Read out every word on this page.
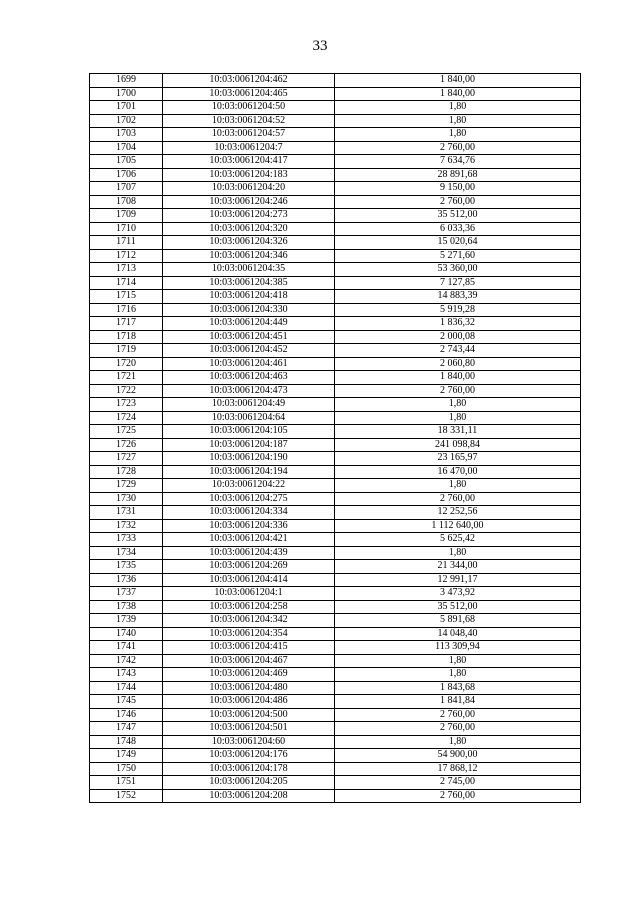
33
1699	10:03:0061204:462	1 840,00
1700	10:03:0061204:465	1 840,00
1701	10:03:0061204:50	1,80
1702	10:03:0061204:52	1,80
1703	10:03:0061204:57	1,80
1704	10:03:0061204:7	2 760,00
1705	10:03:0061204:417	7 634,76
1706	10:03:0061204:183	28 891,68
1707	10:03:0061204:20	9 150,00
1708	10:03:0061204:246	2 760,00
1709	10:03:0061204:273	35 512,00
1710	10:03:0061204:320	6 033,36
1711	10:03:0061204:326	15 020,64
1712	10:03:0061204:346	5 271,60
1713	10:03:0061204:35	53 360,00
1714	10:03:0061204:385	7 127,85
1715	10:03:0061204:418	14 883,39
1716	10:03:0061204:330	5 919,28
1717	10:03:0061204:449	1 836,32
1718	10:03:0061204:451	2 000,08
1719	10:03:0061204:452	2 743,44
1720	10:03:0061204:461	2 060,80
1721	10:03:0061204:463	1 840,00
1722	10:03:0061204:473	2 760,00
1723	10:03:0061204:49	1,80
1724	10:03:0061204:64	1,80
1725	10:03:0061204:105	18 331,11
1726	10:03:0061204:187	241 098,84
1727	10:03:0061204:190	23 165,97
1728	10:03:0061204:194	16 470,00
1729	10:03:0061204:22	1,80
1730	10:03:0061204:275	2 760,00
1731	10:03:0061204:334	12 252,56
1732	10:03:0061204:336	1 112 640,00
1733	10:03:0061204:421	5 625,42
1734	10:03:0061204:439	1,80
1735	10:03:0061204:269	21 344,00
1736	10:03:0061204:414	12 991,17
1737	10:03:0061204:1	3 473,92
1738	10:03:0061204:258	35 512,00
1739	10:03:0061204:342	5 891,68
1740	10:03:0061204:354	14 048,40
1741	10:03:0061204:415	113 309,94
1742	10:03:0061204:467	1,80
1743	10:03:0061204:469	1,80
1744	10:03:0061204:480	1 843,68
1745	10:03:0061204:486	1 841,84
1746	10:03:0061204:500	2 760,00
1747	10:03:0061204:501	2 760,00
1748	10:03:0061204:60	1,80
1749	10:03:0061204:176	54 900,00
1750	10:03:0061204:178	17 868,12
1751	10:03:0061204:205	2 745,00
1752	10:03:0061204:208	2 760,00
